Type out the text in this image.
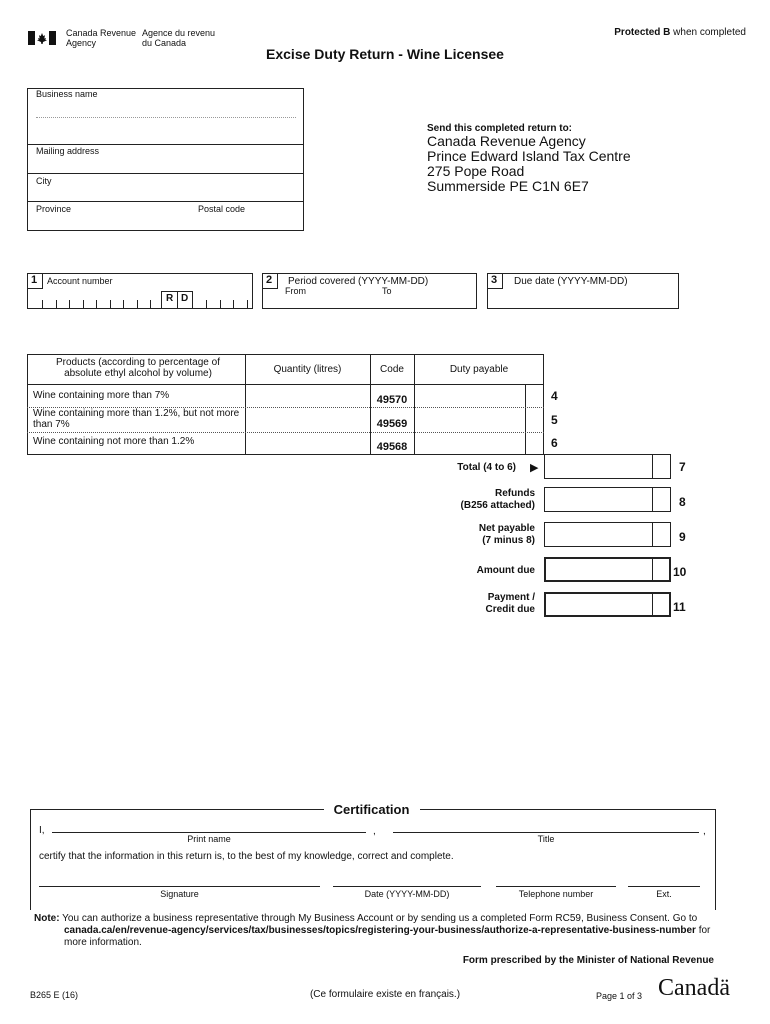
Canada Revenue
Agency
Agence du revenu
du Canada
Protected B when completed
Excise Duty Return - Wine Licensee
Business name
Mailing address
City
Province	Postal code
Send this completed return to:
Canada Revenue Agency
Prince Edward Island Tax Centre
275 Pope Road
Summerside PE C1N 6E7
1 Account number
R D
2 Period covered (YYYY-MM-DD)
From	To
3 Due date (YYYY-MM-DD)
Products (according to percentage of absolute ethyl alcohol by volume)	Quantity (litres)	Code	Duty payable
Wine containing more than 7%	49570	4
Wine containing more than 1.2%, but not more than 7%	49569	5
Wine containing not more than 1.2%	49568	6
Total (4 to 6) ▶	7
Refunds
(B256 attached)	8
Net payable
(7 minus 8)	9
Amount due	10
Payment /
Credit due	11
Certification
I,	,	,
Print name	Title
certify that the information in this return is, to the best of my knowledge, correct and complete.
Signature	Date (YYYY-MM-DD)	Telephone number	Ext.
Note: You can authorize a business representative through My Business Account or by sending us a completed Form RC59, Business Consent. Go to
canada.ca/en/revenue-agency/services/tax/businesses/topics/registering-your-business/authorize-a-representative-business-number for
more information.
Form prescribed by the Minister of National Revenue
B265 E (16)	(Ce formulaire existe en français.)	Page 1 of 3 Canadä
